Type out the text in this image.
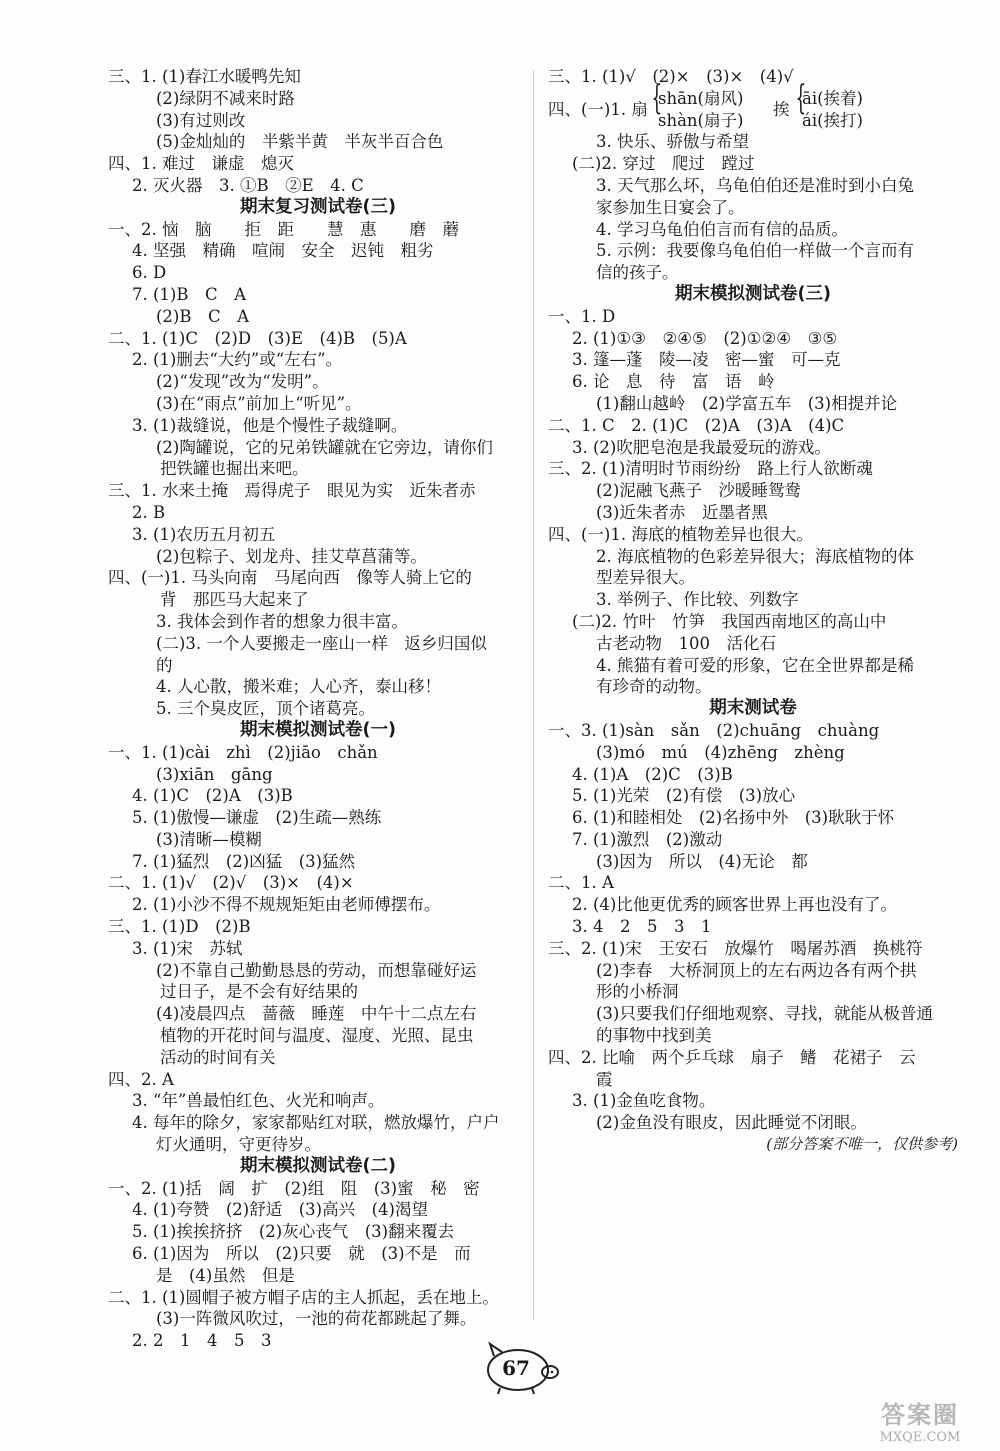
三、1. (1)春江水暖鸭先知
(2)绿阴不减来时路
(3)有过则改
(5)金灿灿的　半紫半黄　半灰半百合色
四、1. 难过　谦虚　熄灭
2. 灭火器　3. ①B　②E　4. C
期末复习测试卷(三)
一、2. 恼　脑　　拒　距　　慧　惠　　磨　蘑
4. 坚强　精确　喧闹　安全　迟钝　粗劣
6. D
7. (1)B　C　A
(2)B　C　A
二、1. (1)C　(2)D　(3)E　(4)B　(5)A
2. (1)删去“大约”或“左右”。
(2)“发现”改为“发明”。
(3)在“雨点”前加上“听见”。
3. (1)裁缝说，他是个慢性子裁缝啊。
(2)陶罐说，它的兄弟铁罐就在它旁边，请你们
把铁罐也掘出来吧。
三、1. 水来土掩　焉得虎子　眼见为实　近朱者赤
2. B
3. (1)农历五月初五
(2)包粽子、划龙舟、挂艾草菖蒲等。
四、(一)1. 马头向南　马尾向西　像等人骑上它的
背　那匹马大起来了
3. 我体会到作者的想象力很丰富。
(二)3. 一个人要搬走一座山一样　返乡归国似
的
4. 人心散，搬米难；人心齐，泰山移！
5. 三个臭皮匠，顶个诸葛亮。
期末模拟测试卷(一)
一、1. (1)cài　zhì　(2)jiāo　chǎn
(3)xiān　gāng
4. (1)C　(2)A　(3)B
5. (1)傲慢—谦虚　(2)生疏—熟练
(3)清晰—模糊
7. (1)猛烈　(2)凶猛　(3)猛然
二、1. (1)√　(2)√　(3)×　(4)×
2. (1)小沙不得不规规矩矩由老师傅摆布。
三、1. (1)D　(2)B
3. (1)宋　苏轼
(2)不靠自己勤勤恳恳的劳动，而想靠碰好运
过日子，是不会有好结果的
(4)凌晨四点　蔷薇　睡莲　中午十二点左右
植物的开花时间与温度、湿度、光照、昆虫
活动的时间有关
四、2. A
3. “年”兽最怕红色、火光和响声。
4. 每年的除夕，家家都贴红对联，燃放爆竹，户户
灯火通明，守更待岁。
期末模拟测试卷(二)
一、2. (1)括　阔　扩　(2)组　阻　(3)蜜　秘　密
4. (1)夸赞　(2)舒适　(3)高兴　(4)渴望
5. (1)挨挨挤挤　(2)灰心丧气　(3)翻来覆去
6. (1)因为　所以　(2)只要　就　(3)不是　而
是　(4)虽然　但是
二、1. (1)圆帽子被方帽子店的主人抓起，丢在地上。
(3)一阵微风吹过，一池的荷花都跳起了舞。
2. 2　1　4　5　3
三、1. (1)√　(2)×　(3)×　(4)√
四、(一)1. 扇 {
shān(扇风)
shàn(扇子)
挨 {
āi(挨着)
ái(挨打)
3. 快乐、骄傲与希望
(二)2. 穿过　爬过　蹚过
3. 天气那么坏，乌龟伯伯还是准时到小白兔
家参加生日宴会了。
4. 学习乌龟伯伯言而有信的品质。
5. 示例：我要像乌龟伯伯一样做一个言而有
信的孩子。
期末模拟测试卷(三)
一、1. D
2. (1)①③　②④⑤　(2)①②④　③⑤
3. 篷—蓬　陵—凌　密—蜜　可—克
6. 论　息　待　富　语　岭
(1)翻山越岭　(2)学富五车　(3)相提并论
二、1. C　2. (1)C　(2)A　(3)A　(4)C
3. (2)吹肥皂泡是我最爱玩的游戏。
三、2. (1)清明时节雨纷纷　路上行人欲断魂
(2)泥融飞燕子　沙暖睡鸳鸯
(3)近朱者赤　近墨者黑
四、(一)1. 海底的植物差异也很大。
2. 海底植物的色彩差异很大；海底植物的体
型差异很大。
3. 举例子、作比较、列数字
(二)2. 竹叶　竹笋　我国西南地区的高山中
古老动物　100　活化石
4. 熊猫有着可爱的形象，它在全世界都是稀
有珍奇的动物。
期末测试卷
一、3. (1)sàn　sǎn　(2)chuāng　chuàng
(3)mó　mú　(4)zhēng　zhèng
4. (1)A　(2)C　(3)B
5. (1)光荣　(2)有偿　(3)放心
6. (1)和睦相处　(2)名扬中外　(3)耿耿于怀
7. (1)激烈　(2)激动
(3)因为　所以　(4)无论　都
二、1. A
2. (4)比他更优秀的顾客世界上再也没有了。
3. 4　2　5　3　1
三、2. (1)宋　王安石　放爆竹　喝屠苏酒　换桃符
(2)李春　大桥洞顶上的左右两边各有两个拱
形的小桥洞
(3)只要我们仔细地观察、寻找，就能从极普通
的事物中找到美
四、2. 比喻　两个乒乓球　扇子　鳍　花裙子　云
霞
3. (1)金鱼吃食物。
(2)金鱼没有眼皮，因此睡觉不闭眼。
(部分答案不唯一，仅供参考)
67
答案圈
MXQE.COM
